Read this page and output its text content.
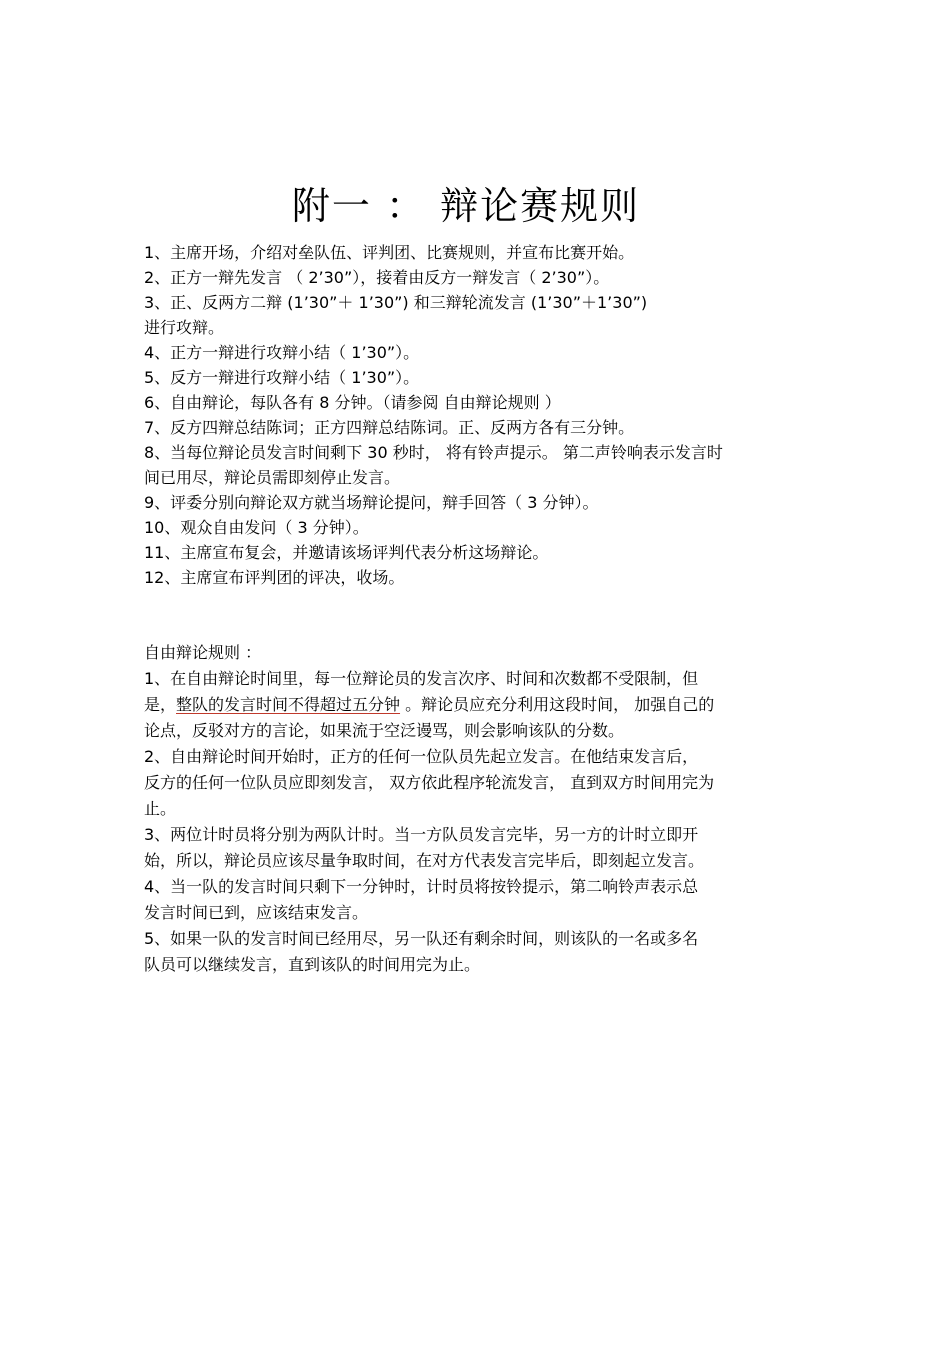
附一 ： 辩论赛规则
1、主席开场，介绍对垒队伍、评判团、比赛规则，并宣布比赛开始。
2、正方一辩先发言 （ 2’30”），接着由反方一辩发言（ 2’30”）。
3、正、反两方二辩 (1’30”＋ 1’30”) 和三辩轮流发言 (1’30”＋1’30”)
进行攻辩。
4、正方一辩进行攻辩小结（ 1’30”）。
5、反方一辩进行攻辩小结（ 1’30”）。
6、自由辩论，每队各有 8 分钟。（请参阅 自由辩论规则 ）
7、反方四辩总结陈词；正方四辩总结陈词。正、反两方各有三分钟。
8、当每位辩论员发言时间剩下 30 秒时， 将有铃声提示。 第二声铃响表示发言时
间已用尽，辩论员需即刻停止发言。
9、评委分别向辩论双方就当场辩论提问，辩手回答（ 3 分钟）。
10、观众自由发问（ 3 分钟）。
11、主席宣布复会，并邀请该场评判代表分析这场辩论。
12、主席宣布评判团的评决，收场。
自由辩论规则 ：
1、在自由辩论时间里，每一位辩论员的发言次序、时间和次数都不受限制，但
是，整队的发言时间不得超过五分钟 。辩论员应充分利用这段时间， 加强自己的
论点，反驳对方的言论，如果流于空泛谩骂，则会影响该队的分数。
2、自由辩论时间开始时，正方的任何一位队员先起立发言。在他结束发言后，
反方的任何一位队员应即刻发言， 双方依此程序轮流发言， 直到双方时间用完为
止。
3、两位计时员将分别为两队计时。当一方队员发言完毕，另一方的计时立即开
始，所以，辩论员应该尽量争取时间，在对方代表发言完毕后，即刻起立发言。
4、当一队的发言时间只剩下一分钟时，计时员将按铃提示，第二响铃声表示总
发言时间已到，应该结束发言。
5、如果一队的发言时间已经用尽，另一队还有剩余时间，则该队的一名或多名
队员可以继续发言，直到该队的时间用完为止。
